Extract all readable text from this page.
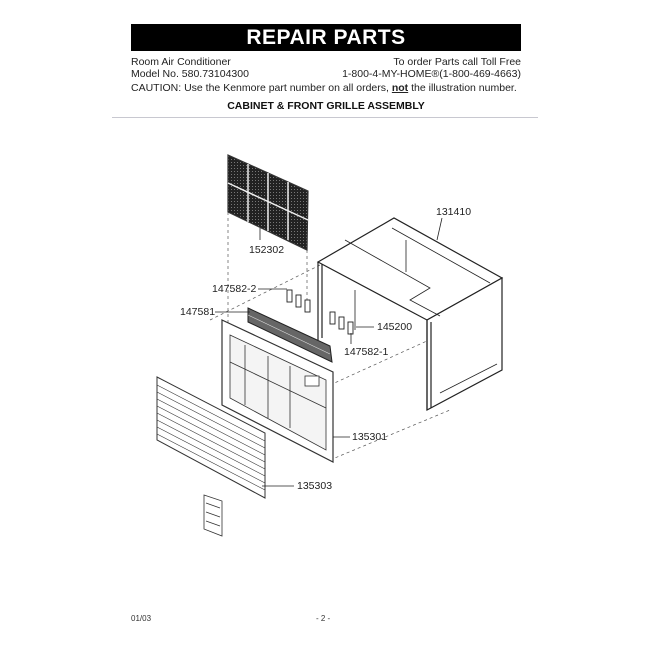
REPAIR PARTS
Room Air Conditioner	To order Parts call Toll Free
Model No. 580.73104300	1-800-4-MY-HOME®(1-800-469-4663)
CAUTION: Use the Kenmore part number on all orders, not the illustration number.
CABINET & FRONT GRILLE ASSEMBLY
152302
131410
147582-2
147581
145200
147582-1
135301
135303
01/03	- 2 -
